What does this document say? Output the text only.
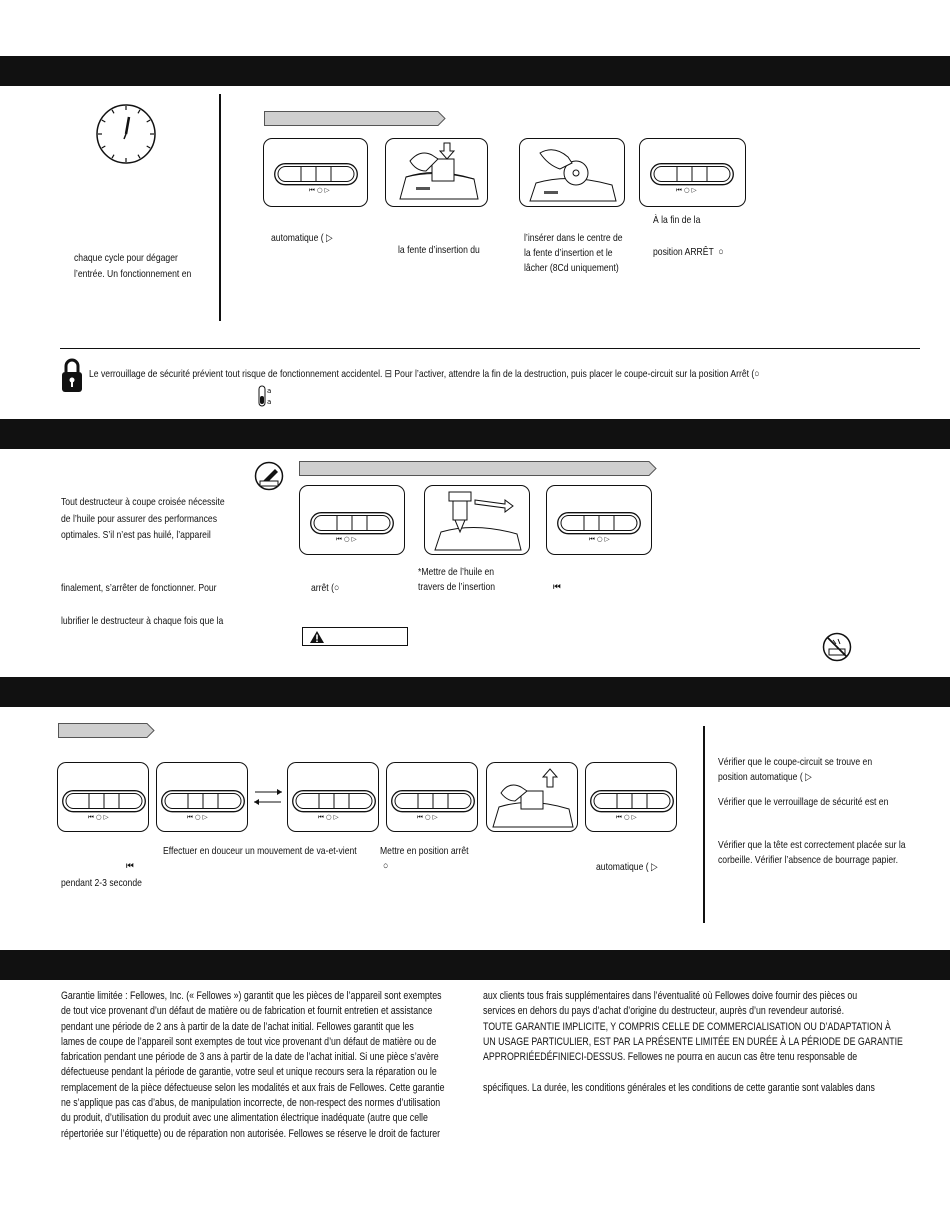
chaque cycle pour dégager
l’entrée. Un fonctionnement en
⏮ ○ ▷	⏮ ○ ▷
automatique ( ▷
la fente d’insertion du
l’insérer dans le centre de
la fente d’insertion et le
lâcher (8Cd uniquement)
À la fin de la
position ARRÊT  ○
Le verrouillage de sécurité prévient tout risque de fonctionnement accidentel. ⊟ Pour l’activer, attendre la fin de la destruction, puis placer le coupe-circuit sur la position Arrêt (○
a
a
Tout destructeur à coupe croisée nécessite
de l’huile pour assurer des performances
optimales. S’il n’est pas huilé, l’appareil
finalement, s’arrêter de fonctionner. Pour
lubrifier le destructeur à chaque fois que la
⏮ ○ ▷	⏮ ○ ▷
arrêt (○
*Mettre de l’huile en
travers de l’insertion	⏮
⏮ ○ ▷	⏮ ○ ▷	⏮ ○ ▷	⏮ ○ ▷	⏮ ○ ▷
⏮
pendant 2-3 seconde
Effectuer en douceur un mouvement de va-et-vient Mettre en position arrêt
○	automatique ( ▷
Vérifier que le coupe-circuit se trouve en
position automatique ( ▷
Vérifier que le verrouillage de sécurité est en
Vérifier que la tête est correctement placée sur la
corbeille. Vérifier l’absence de bourrage papier.
Garantie limitée : Fellowes, Inc. (« Fellowes ») garantit que les pièces de l’appareil sont exemptes
de tout vice provenant d’un défaut de matière ou de fabrication et fournit entretien et assistance
pendant une période de 2 ans à partir de la date de l’achat initial. Fellowes garantit que les
lames de coupe de l’appareil sont exemptes de tout vice provenant d’un défaut de matière ou de
fabrication pendant une période de 3 ans à partir de la date de l’achat initial. Si une pièce s’avère
défectueuse pendant la période de garantie, votre seul et unique recours sera la réparation ou le
remplacement de la pièce défectueuse selon les modalités et aux frais de Fellowes. Cette garantie
ne s’applique pas cas d’abus, de manipulation incorrecte, de non-respect des normes d’utilisation
du produit, d’utilisation du produit avec une alimentation électrique inadéquate (autre que celle
répertoriée sur l’étiquette) ou de réparation non autorisée. Fellowes se réserve le droit de facturer
aux clients tous frais supplémentaires dans l’éventualité où Fellowes doive fournir des pièces ou
services en dehors du pays d’achat d’origine du destructeur, auprès d’un revendeur autorisé.
TOUTE GARANTIE IMPLICITE, Y COMPRIS CELLE DE COMMERCIALISATION OU D’ADAPTATION À
UN USAGE PARTICULIER, EST PAR LA PRÉSENTE LIMITÉE EN DURÉE À LA PÉRIODE DE GARANTIE
APPROPRIÉEDÉFINIECI-DESSUS. Fellowes ne pourra en aucun cas être tenu responsable de
spécifiques. La durée, les conditions générales et les conditions de cette garantie sont valables dans
